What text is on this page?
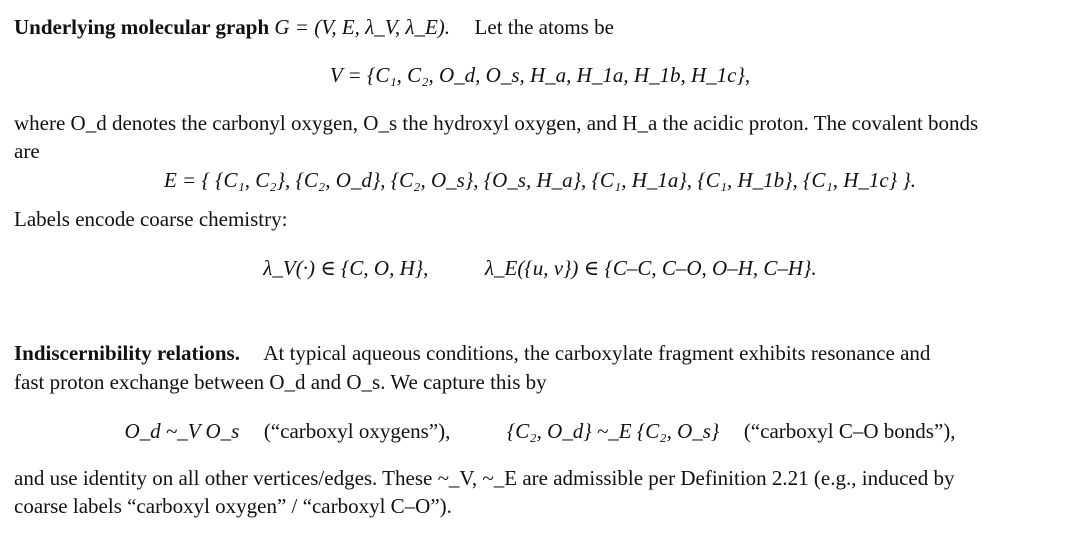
Underlying molecular graph G = (V, E, λ_V, λ_E). Let the atoms be
V = {C₁, C₂, O_d, O_s, H_a, H_1a, H_1b, H_1c},
where O_d denotes the carbonyl oxygen, O_s the hydroxyl oxygen, and H_a the acidic proton. The covalent bonds
are
E = { {C₁, C₂}, {C₂, O_d}, {C₂, O_s}, {O_s, H_a}, {C₁, H_1a}, {C₁, H_1b}, {C₁, H_1c} }.
Labels encode coarse chemistry:
λ_V(·) ∈ {C, O, H},	λ_E({u, v}) ∈ {C–C, C–O, O–H, C–H}.
Indiscernibility relations. At typical aqueous conditions, the carboxylate fragment exhibits resonance and
fast proton exchange between O_d and O_s. We capture this by
O_d ~_V O_s (“carboxyl oxygens”),	{C₂, O_d} ~_E {C₂, O_s} (“carboxyl C–O bonds”),
and use identity on all other vertices/edges. These ~_V, ~_E are admissible per Definition 2.21 (e.g., induced by
coarse labels “carboxyl oxygen” / “carboxyl C–O”).
